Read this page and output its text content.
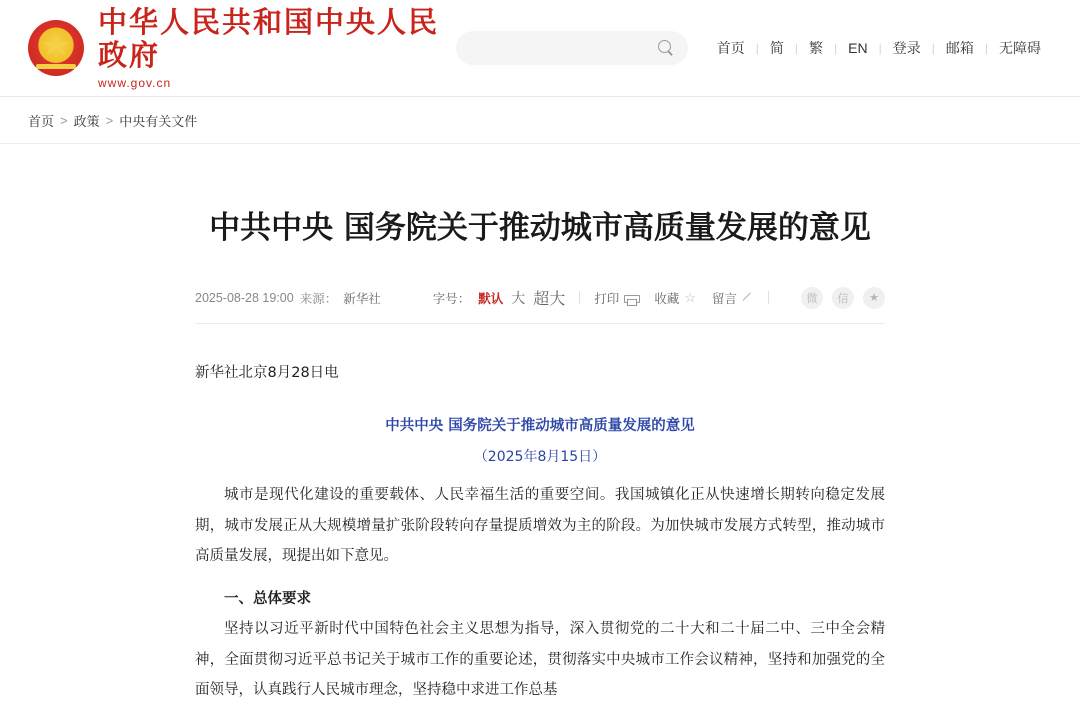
中华人民共和国中央人民政府
www.gov.cn
首页 | 简 | 繁 | EN | 登录 | 邮箱 | 无障碍
首页 > 政策 > 中央有关文件
中共中央 国务院关于推动城市高质量发展的意见
2025-08-28 19:00 来源： 新华社	字号： 默认 大 超大 打印	收藏 ☆ 留言	微	信	★

新华社北京8月28日电

中共中央 国务院关于推动城市高质量发展的意见

（2025年8月15日）

城市是现代化建设的重要载体、人民幸福生活的重要空间。我国城镇化正从快速增长期转向稳定发展期，城市发展正从大规模增量扩张阶段转向存量提质增效为主的阶段。为加快城市发展方式转型，推动城市高质量发展，现提出如下意见。

一、总体要求

坚持以习近平新时代中国特色社会主义思想为指导，深入贯彻党的二十大和二十届二中、三中全会精神，全面贯彻习近平总书记关于城市工作的重要论述，贯彻落实中央城市工作会议精神，坚持和加强党的全面领导，认真践行人民城市理念，坚持稳中求进工作总基
